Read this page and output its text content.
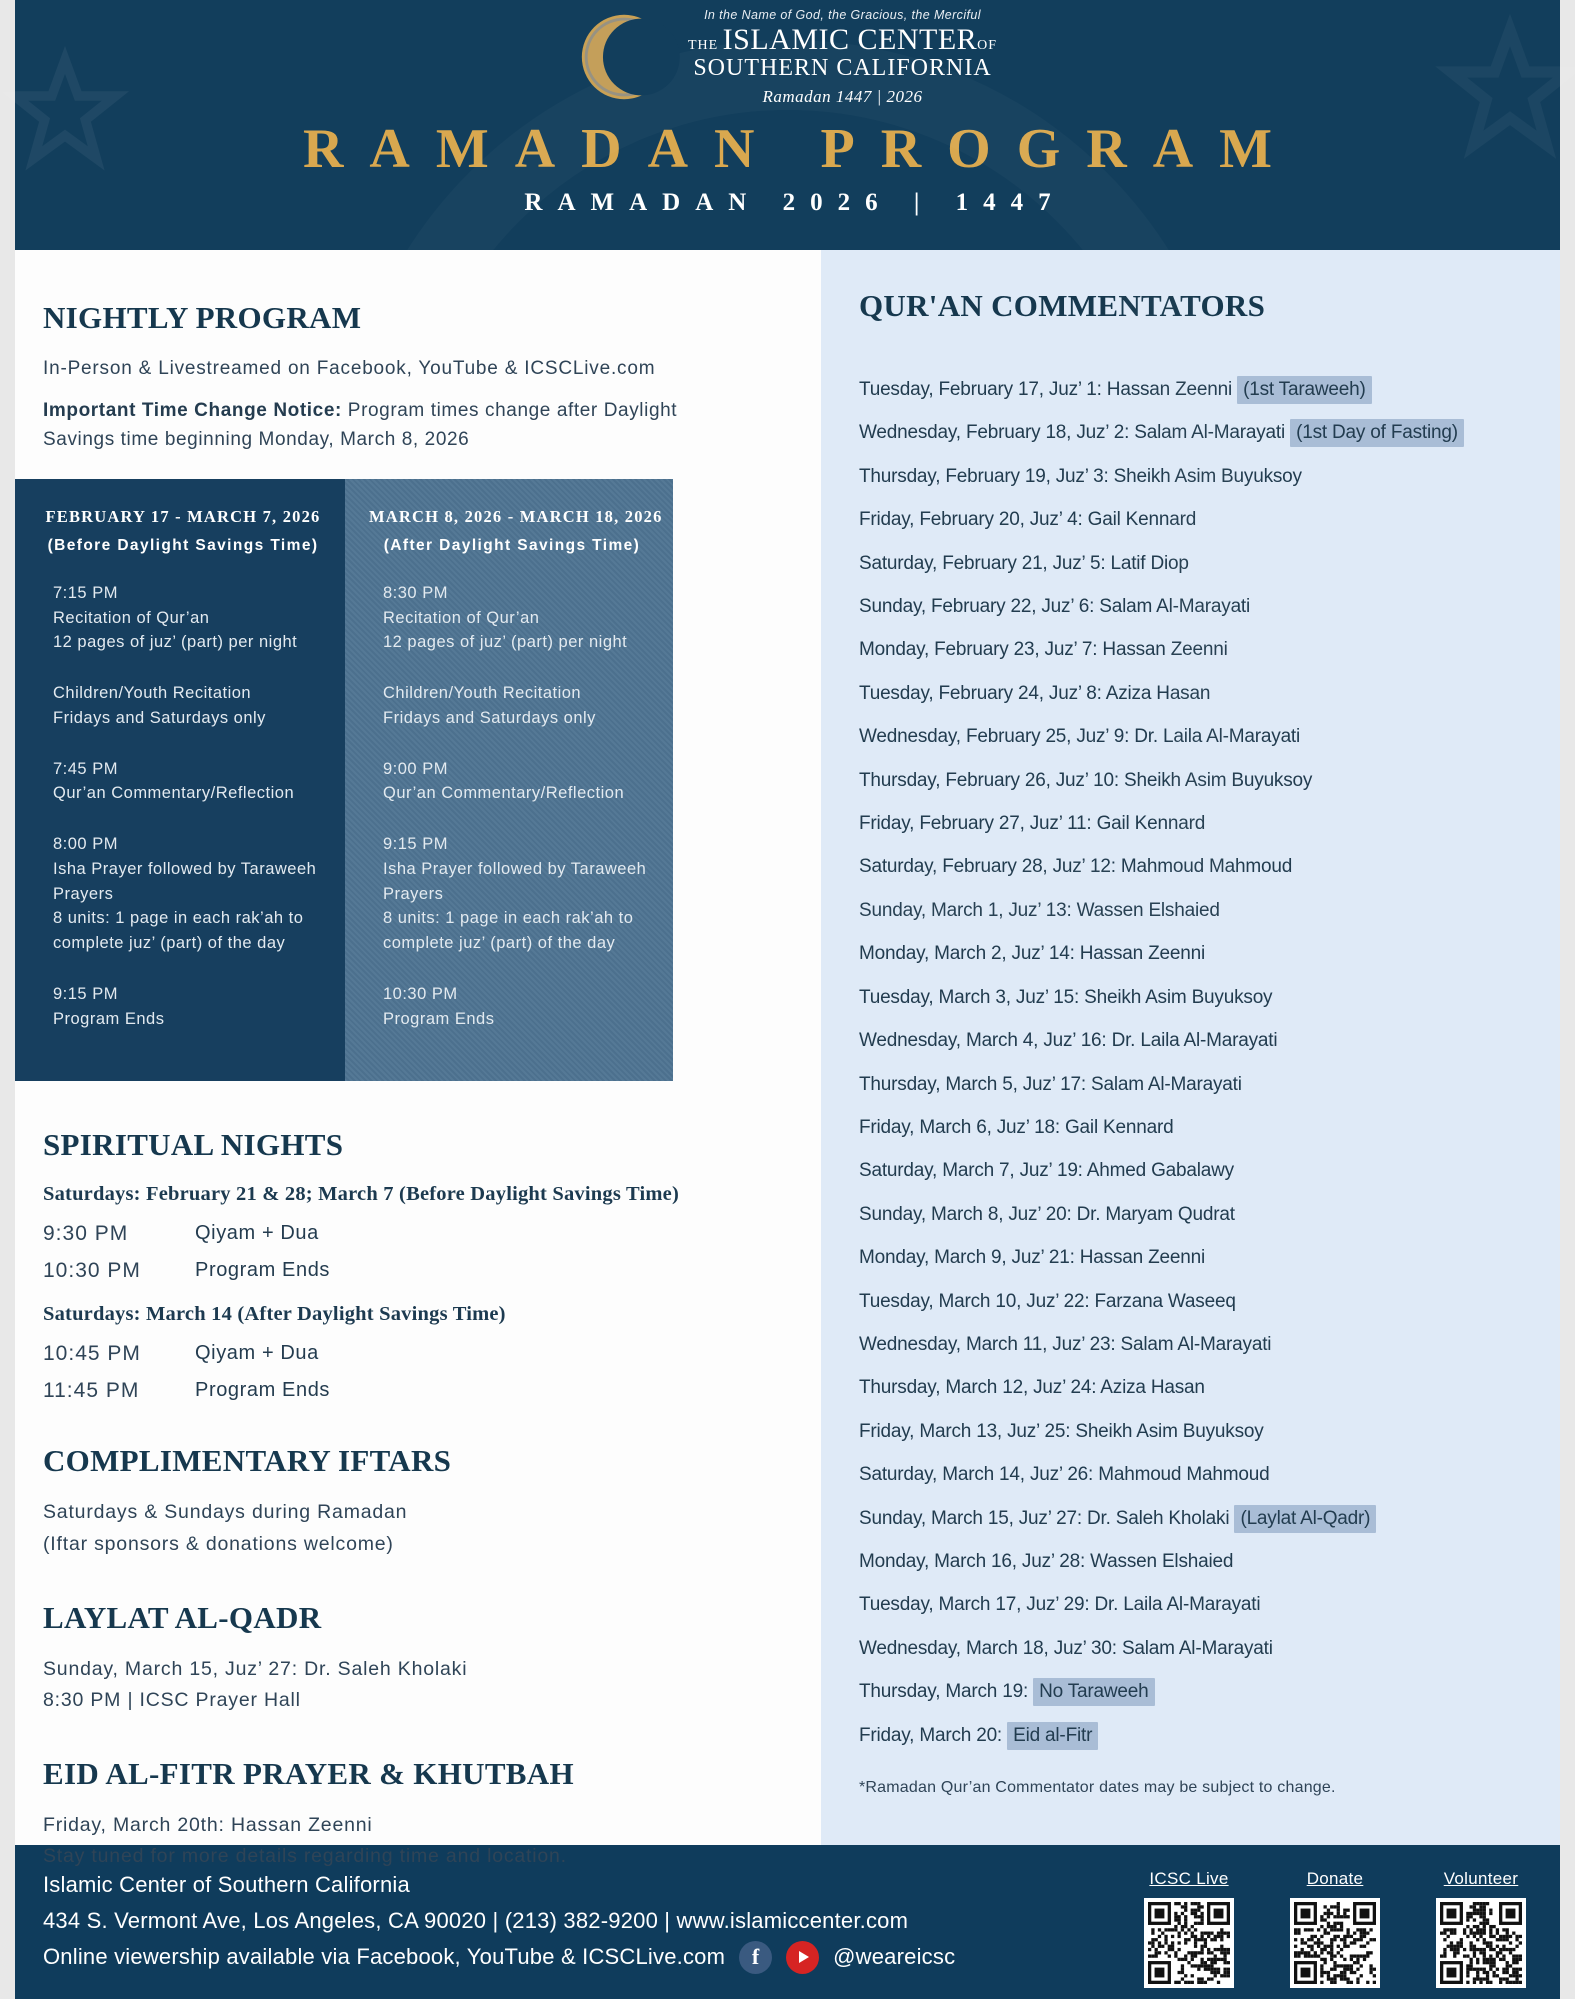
In the Name of God, the Gracious, the Merciful
THE ISLAMIC CENTEROF
SOUTHERN CALIFORNIA
Ramadan 1447 | 2026
RAMADAN PROGRAM
RAMADAN 2026 | 1447
NIGHTLY PROGRAM
In-Person & Livestreamed on Facebook, YouTube & ICSCLive.com
Important Time Change Notice: Program times change after Daylight Savings time beginning Monday, March 8, 2026
FEBRUARY 17 - MARCH 7, 2026
(Before Daylight Savings Time)
7:15 PM
Recitation of Qur’an
12 pages of juz’ (part) per night
Children/Youth Recitation
Fridays and Saturdays only
7:45 PM
Qur’an Commentary/Reflection
8:00 PM
Isha Prayer followed by Taraweeh Prayers
8 units: 1 page in each rak’ah to complete juz’ (part) of the day
9:15 PM
Program Ends
MARCH 8, 2026 - MARCH 18, 2026
(After Daylight Savings Time)
8:30 PM
Recitation of Qur’an
12 pages of juz’ (part) per night
Children/Youth Recitation
Fridays and Saturdays only
9:00 PM
Qur’an Commentary/Reflection
9:15 PM
Isha Prayer followed by Taraweeh Prayers
8 units: 1 page in each rak’ah to complete juz’ (part) of the day
10:30 PM
Program Ends
SPIRITUAL NIGHTS
Saturdays: February 21 & 28; March 7 (Before Daylight Savings Time)
9:30 PM	Qiyam + Dua
10:30 PM	Program Ends
Saturdays: March 14 (After Daylight Savings Time)
10:45 PM	Qiyam + Dua
11:45 PM	Program Ends
COMPLIMENTARY IFTARS
Saturdays & Sundays during Ramadan
(Iftar sponsors & donations welcome)
LAYLAT AL-QADR
Sunday, March 15, Juz’ 27: Dr. Saleh Kholaki
8:30 PM | ICSC Prayer Hall
EID AL-FITR PRAYER & KHUTBAH
Friday, March 20th: Hassan Zeenni
Stay tuned for more details regarding time and location.
QUR'AN COMMENTATORS
Tuesday, February 17, Juz’ 1: Hassan Zeenni (1st Taraweeh)
Wednesday, February 18, Juz’ 2: Salam Al-Marayati (1st Day of Fasting)
Thursday, February 19, Juz’ 3: Sheikh Asim Buyuksoy
Friday, February 20, Juz’ 4: Gail Kennard
Saturday, February 21, Juz’ 5: Latif Diop
Sunday, February 22, Juz’ 6: Salam Al-Marayati
Monday, February 23, Juz’ 7: Hassan Zeenni
Tuesday, February 24, Juz’ 8: Aziza Hasan
Wednesday, February 25, Juz’ 9: Dr. Laila Al-Marayati
Thursday, February 26, Juz’ 10: Sheikh Asim Buyuksoy
Friday, February 27, Juz’ 11: Gail Kennard
Saturday, February 28, Juz’ 12: Mahmoud Mahmoud
Sunday, March 1, Juz’ 13: Wassen Elshaied
Monday, March 2, Juz’ 14: Hassan Zeenni
Tuesday, March 3, Juz’ 15: Sheikh Asim Buyuksoy
Wednesday, March 4, Juz’ 16: Dr. Laila Al-Marayati
Thursday, March 5, Juz’ 17: Salam Al-Marayati
Friday, March 6, Juz’ 18: Gail Kennard
Saturday, March 7, Juz’ 19: Ahmed Gabalawy
Sunday, March 8, Juz’ 20: Dr. Maryam Qudrat
Monday, March 9, Juz’ 21: Hassan Zeenni
Tuesday, March 10, Juz’ 22: Farzana Waseeq
Wednesday, March 11, Juz’ 23: Salam Al-Marayati
Thursday, March 12, Juz’ 24: Aziza Hasan
Friday, March 13, Juz’ 25: Sheikh Asim Buyuksoy
Saturday, March 14, Juz’ 26: Mahmoud Mahmoud
Sunday, March 15, Juz’ 27: Dr. Saleh Kholaki (Laylat Al-Qadr)
Monday, March 16, Juz’ 28: Wassen Elshaied
Tuesday, March 17, Juz’ 29: Dr. Laila Al-Marayati
Wednesday, March 18, Juz’ 30: Salam Al-Marayati
Thursday, March 19: No Taraweeh
Friday, March 20: Eid al-Fitr
*Ramadan Qur’an Commentator dates may be subject to change.
Islamic Center of Southern California
434 S. Vermont Ave, Los Angeles, CA 90020 | (213) 382-9200 | www.islamiccenter.com
Online viewership available via Facebook, YouTube & ICSCLive.com	f	@weareicsc
ICSC Live	Donate	Volunteer
